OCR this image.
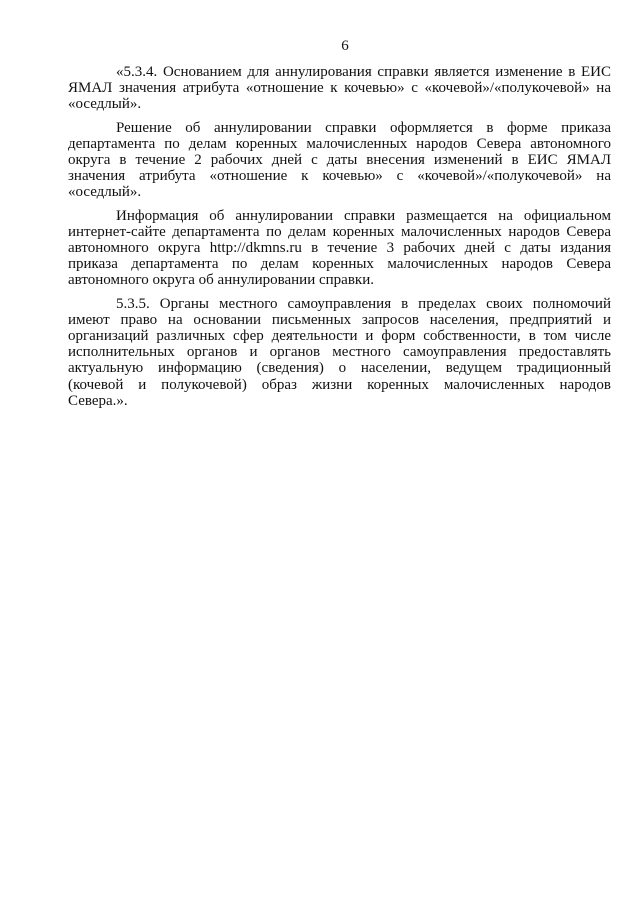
6
«5.3.4. Основанием для аннулирования справки является изменение в ЕИС
ЯМАЛ значения атрибута «отношение к кочевью» с «кочевой»/«полукочевой» на
«оседлый».
Решение об аннулировании справки оформляется в форме приказа
департамента по делам коренных малочисленных народов Севера автономного
округа в течение 2 рабочих дней с даты внесения изменений в ЕИС ЯМАЛ
значения атрибута «отношение к кочевью» с «кочевой»/«полукочевой» на
«оседлый».
Информация об аннулировании справки размещается на официальном
интернет-сайте департамента по делам коренных малочисленных народов Севера
автономного округа http://dkmns.ru в течение 3 рабочих дней с даты издания
приказа департамента по делам коренных малочисленных народов Севера
автономного округа об аннулировании справки.
5.3.5. Органы местного самоуправления в пределах своих полномочий
имеют право на основании письменных запросов населения, предприятий и
организаций различных сфер деятельности и форм собственности, в том числе
исполнительных органов и органов местного самоуправления предоставлять
актуальную информацию (сведения) о населении, ведущем традиционный
(кочевой и полукочевой) образ жизни коренных малочисленных народов
Севера.».
